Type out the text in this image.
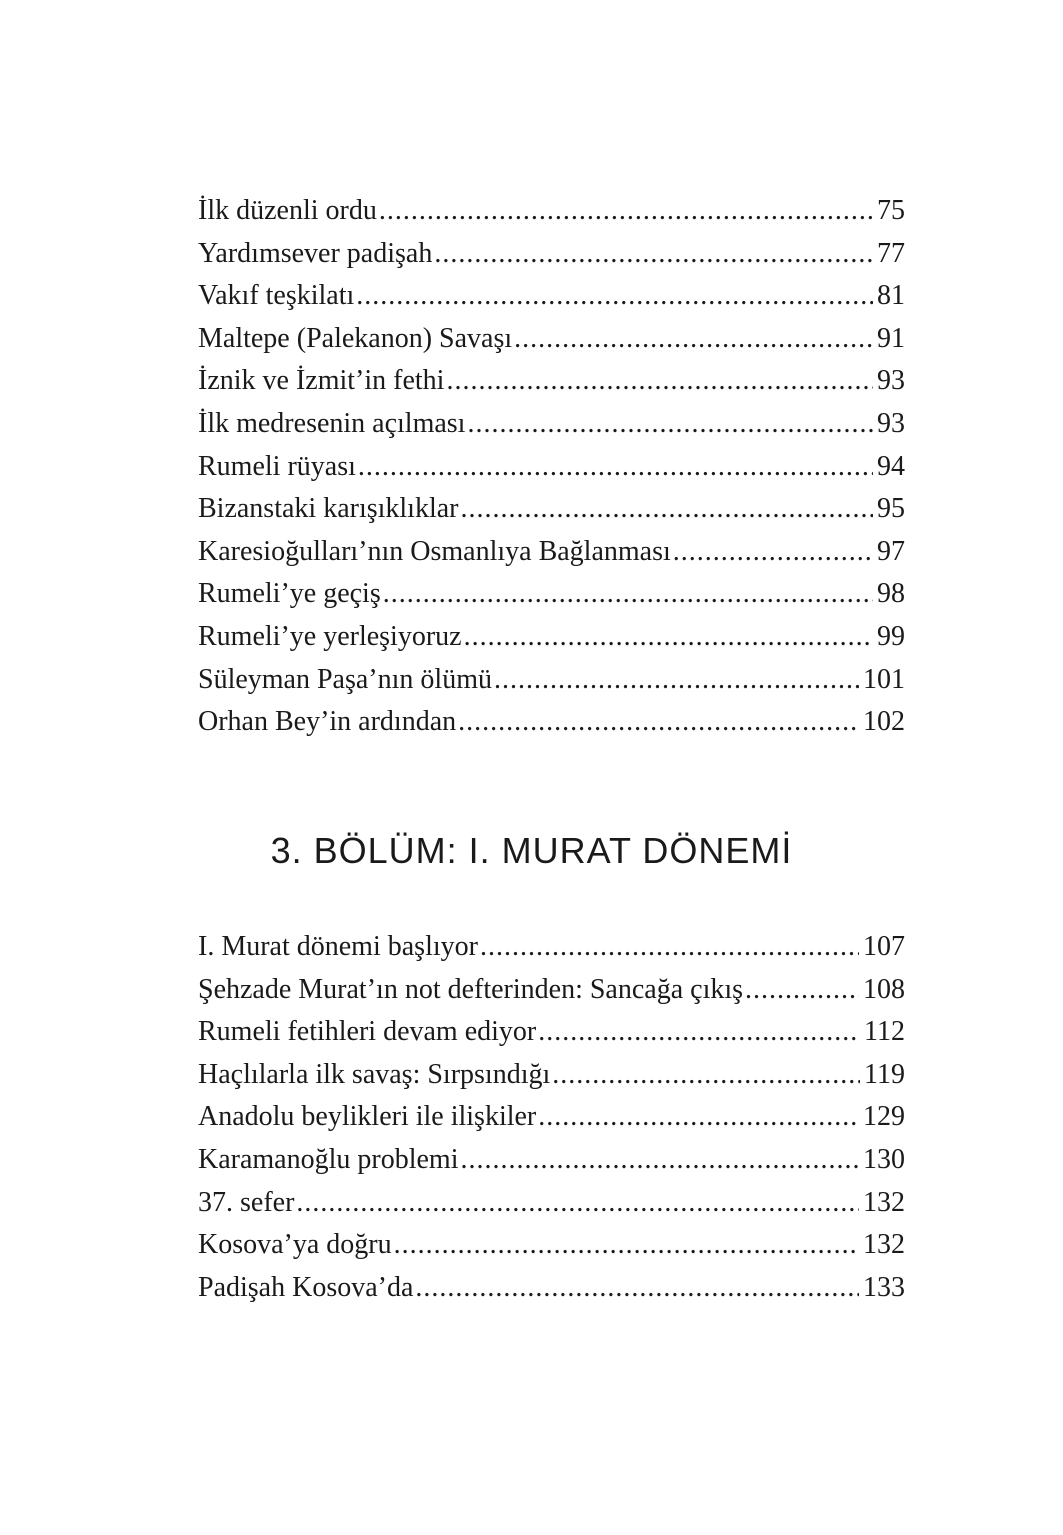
İlk düzenli ordu .....	75
Yardımsever padişah .....	77
Vakıf teşkilatı .....	81
Maltepe (Palekanon) Savaşı .....	91
İznik ve İzmit’in fethi .....	93
İlk medresenin açılması .....	93
Rumeli rüyası .....	94
Bizanstaki karışıklıklar .....	95
Karesioğulları’nın Osmanlıya Bağlanması .....	97
Rumeli’ye geçiş .....	98
Rumeli’ye yerleşiyoruz .....	99
Süleyman Paşa’nın ölümü .....	101
Orhan Bey’in ardından .....	102
3. BÖLÜM: I. MURAT DÖNEMİ
I. Murat dönemi başlıyor .....	107
Şehzade Murat’ın not defterinden: Sancağa çıkış .....	108
Rumeli fetihleri devam ediyor .....	112
Haçlılarla ilk savaş: Sırpsındığı .....	119
Anadolu beylikleri ile ilişkiler .....	129
Karamanoğlu problemi .....	130
37. sefer .....	132
Kosova’ya doğru .....	132
Padişah Kosova’da .....	133
